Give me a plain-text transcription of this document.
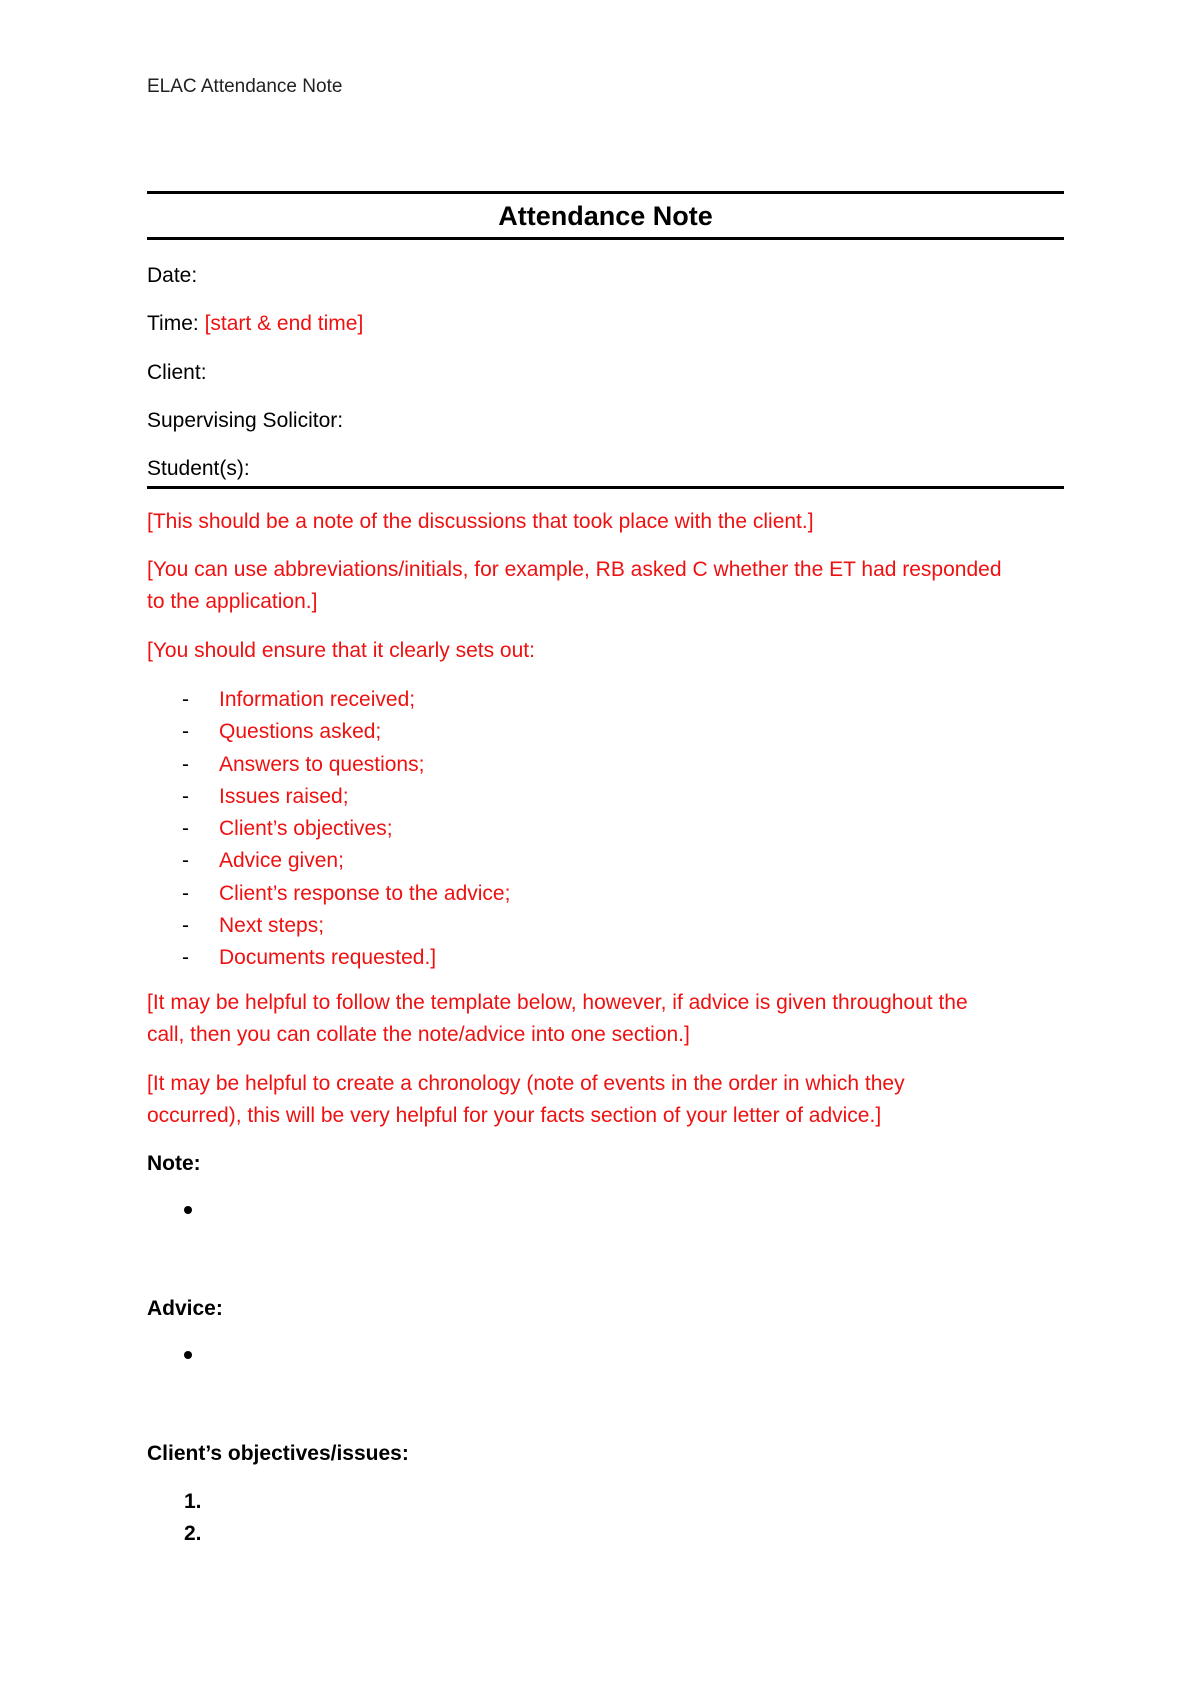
ELAC Attendance Note
Attendance Note
Date:
Time: [start & end time]
Client:
Supervising Solicitor:
Student(s):
[This should be a note of the discussions that took place with the client.]
[You can use abbreviations/initials, for example, RB asked C whether the ET had responded
to the application.]
[You should ensure that it clearly sets out:
- Information received;
- Questions asked;
- Answers to questions;
- Issues raised;
- Client’s objectives;
- Advice given;
- Client’s response to the advice;
- Next steps;
- Documents requested.]
[It may be helpful to follow the template below, however, if advice is given throughout the
call, then you can collate the note/advice into one section.]
[It may be helpful to create a chronology (note of events in the order in which they
occurred), this will be very helpful for your facts section of your letter of advice.]
Note:
Advice:
Client’s objectives/issues:
1.
2.
